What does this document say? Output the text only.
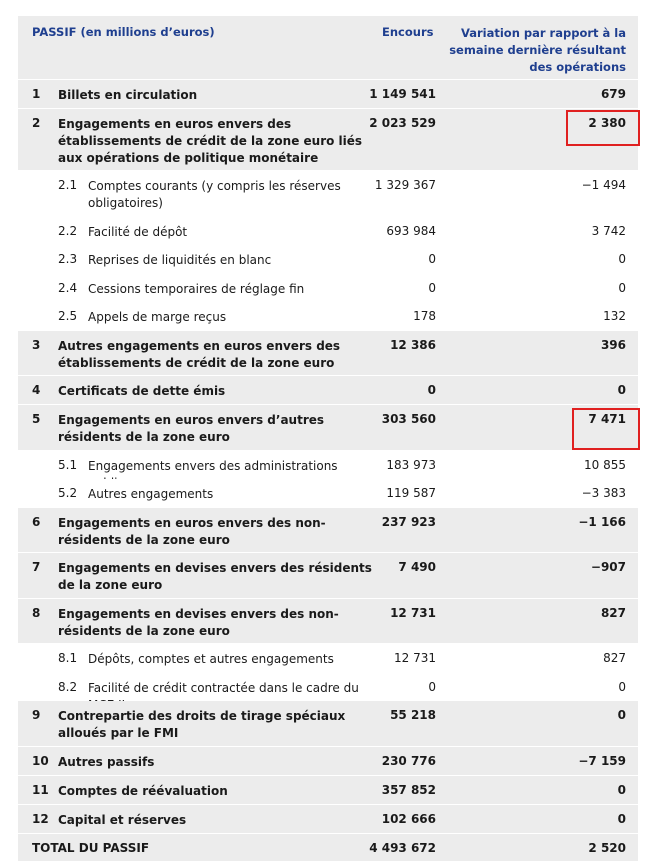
PASSIF (en millions d’euros)	Encours	Variation par rapport à la semaine dernière résultant des opérations
1 Billets en circulation	1 149 541	679
2 Engagements en euros envers des établissements de crédit de la zone euro liés aux opérations de politique monétaire
2 023 529	2 380
2.1 Comptes courants (y compris les réserves obligatoires)
1 329 367	−1 494
2.2 Facilité de dépôt	693 984	3 742
2.3 Reprises de liquidités en blanc	0	0
2.4 Cessions temporaires de réglage fin	0	0
2.5 Appels de marge reçus	178	132
3 Autres engagements en euros envers des établissements de crédit de la zone euro
12 386	396
4 Certificats de dette émis	0	0
5 Engagements en euros envers d’autres résidents de la zone euro
303 560	7 471
5.1 Engagements envers des administrations	183 973	10 855
5.2 Autres engagements	119 587	−3 383
6 Engagements en euros envers des non-résidents de la zone euro
237 923	−1 166
7 Engagements en devises envers des résidents de la zone euro
7 490	−907
8 Engagements en devises envers des non-résidents de la zone euro
12 731	827
8.1 Dépôts, comptes et autres engagements	12 731	827
8.2 Facilité de crédit contractée dans le cadre du	0	0
9 Contrepartie des droits de tirage spéciaux alloués par le FMI
55 218	0
10 Autres passifs	230 776	−7 159
11 Comptes de réévaluation	357 852	0
12 Capital et réserves	102 666	0
TOTAL DU PASSIF	4 493 672	2 520
